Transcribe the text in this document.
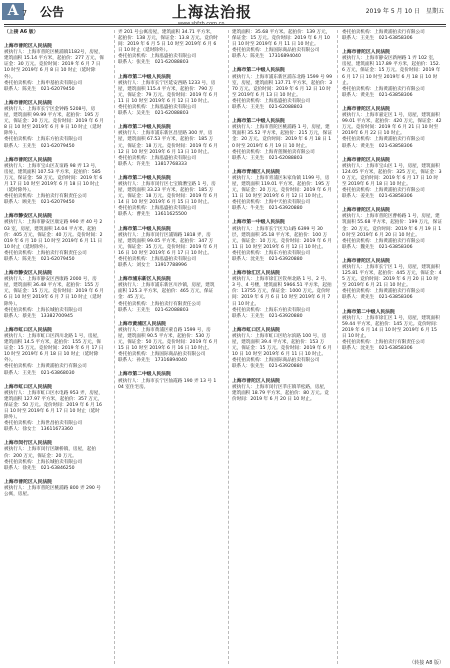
A 7 公告	上海法治报	2019 年 5 月 10 日　星期五
（上接 A6 版）
上海市普陀区人民法院
被执行人：上海市普陀区桃浦镇1182号，房屋，建筑面积 15.14 平方米，起拍价：277 万元，保证金：30 万元。竞价时间：2019 年 6 月 7 日 10 时至 2019年 6 月 8 日 10 时止（延时除外）。
委托拍卖机构：上海申基拍卖有限公司
联系人：陈先生　021-62079450
上海市普陀区人民法院
被执行人：上海市长宁区金钟路 5208号，房屋，建筑面积 99.99 平方米，起拍价：195 万元，保证金：20 万元。竞价时间：2019 年 6 月 8 日 10 时至 2019年 6 月 9 日 10 时止（延时除外）。
委托拍卖机构：上海东方拍卖有限公司
联系人：王先生　021-62079450
上海市普陀区人民法院
被执行人：上海市宝山区友谊路 98 弄 13 号，房屋，建筑面积 107.53 平方米，起拍价：585 万元，保证金：58 万元。竞价时间：2019 年 6 月 17 日 10 时至 2019年 6 月 18 日 10 时止（延时除外）。
委托拍卖机构：上海拍卖行有限责任公司
联系人：顾先生　021-62079450
上海市静安区人民法院
被执行人：上海市静安区康定路 990 弄 40 号 203 室，房屋，建筑面积 14.04 平方米，起拍价：405 万元，保证金：40 万元。竞价时间：2019 年 6 月 10 日 10 时至 2019年 6 月 11 日 10 时止（延时除外）。
委托拍卖机构：上海拍卖行有限责任公司
联系人：陈先生　021-62079450
上海市静安区人民法院
被执行人：上海市静安区西康路 2000 号，房屋，建筑面积 36.48 平方米，起拍价：155 万元，保证金：15 万元。竞价时间：2019 年 6 月 6 日 10 时至 2019年 6 月 7 日 10 时止（延时除外）。
委托拍卖机构：上海长城拍卖有限公司
联系人：蔡先生　13382700945
上海市虹口区人民法院
被执行人：上海市虹口区四川北路 1 号，房屋，建筑面积 14.5 平方米，起拍价：155 万元，保证金：15 万元。竞价时间：2019 年 6 月 17 日 10 时至 2019年 6 月 18 日 10 时止（延时除外）。
委托拍卖机构：上海黄浦拍卖行有限公司
联系人：王先生　021-63868030
上海市虹口区人民法院
被执行人：上海市虹口区水电路 953 弄，房屋，建筑面积 127.97 平方米，起拍价：357 万元，保证金：50 万元。竞价时间：2019 年 6 月 16 日 10 时至 2019年 6 月 17 日 10 时止（延时除外）。
委托拍卖机构：上海世昌拍卖有限公司
联系人：徐女士　13611673360
上海市闵行区人民法院
被执行人：上海市闵行区颛桥镇，房屋，起拍价：200 万元，保证金：20 万元。
委托拍卖机构：上海长城拍卖有限公司
联系人：徐先生　021-63846250
上海市普陀区人民法院
被执行人：上海市普陀区桃浦路 800 弄 290 号公寓，房屋。
弄 201 号公寓房屋，建筑面积 34.71 平方米，起拍价：138 万元，保证金：13.8 万元。竞价时间：2019 年 6 月 5 日 10 时至 2019年 6 月 6 日 10 时止（延时除外）。
委托拍卖机构：上海泓盛拍卖有限公司
联系人：张先生　021-62088803
上海市第二中级人民法院
被执行人：上海市长宁区延安西路 1233 号，房屋，建筑面积 115.4 平方米，起拍价：790 万元，保证金：79 万元。竞价时间：2019 年 6 月 11 日 10 时至 2019年 6 月 12 日 10 时止。
委托拍卖机构：上海泓盛拍卖有限公司
联系人：吴先生　021-62088803
上海市第二中级人民法院
被执行人：上海市浦东新区昌里路 300 弄，房屋，建筑面积 67.53 平方米，起拍价：185 万元，保证金：18 万元。竞价时间：2019 年 6 月 12 日 10 时至 2019年 6 月 13 日 10 时止。
委托拍卖机构：上海泓盛拍卖有限公司
联系人：许先生　13817768333
上海市第二中级人民法院
被执行人：上海市闵行区七宝镇漕宝路 1 号，房屋，建筑面积 33.23 平方米，起拍价：185 万元，保证金：18 万元。竞价时间：2019 年 6 月 14 日 10 时至 2019年 6 月 15 日 10 时止。
委托拍卖机构：上海泓盛拍卖有限公司
联系人：曹先生　13611625500
上海市第二中级人民法院
被执行人：上海市闵行区浦锦路 1818 弄，房屋，建筑面积 99.05 平方米，起拍价：347 万元，保证金：35 万元。竞价时间：2019 年 6 月 16 日 10 时至 2019年 6 月 17 日 10 时止。
委托拍卖机构：上海泓盛拍卖有限公司
联系人：刘女士　13917788996
上海市浦东新区人民法院
被执行人：上海市浦东新区川沙镇，房屋，建筑面积 125.3 平方米，起拍价：465 万元，保证金：45 万元。
委托拍卖机构：上海拍卖行有限责任公司
联系人：王先生　021-62088803
上海市黄浦区人民法院
被执行人：上海市黄浦区蒙自路 1599 号，房屋，建筑面积 90.5 平方米，起拍价：530 万元，保证金：50 万元。竞价时间：2019 年 6 月 15 日 10 时至 2019年 6 月 16 日 10 时止。
委托拍卖机构：上海国际商品拍卖有限公司
联系人：孙先生　17316894040
上海市第二中级人民法院
被执行人：上海市长宁区仙霞路 190 弄 13 号 104 室住宅房。
建筑面积：35.68 平方米。起拍价：139 万元，保证金：15 万元。竞价时间：2019 年 6 月 10 日 10 时至 2019年 6 月 11 日 10 时止。
委托拍卖机构：上海国际商品拍卖有限公司
联系人：陈先生　17316894040
上海市第二中级人民法院
被执行人：上海市浦东新区浦东北路 1599 号 99 室，房屋，建筑面积 137.71 平方米，起拍价：370 万元。竞价时间：2019 年 6 月 12 日 10 时至 2019年 6 月 13 日 10 时止。
委托拍卖机构：上海泓盛拍卖有限公司
联系人：王先生　021-62088803
上海市第二中级人民法院
被执行人：上海市普陀区桃浦路 1 号，房屋，建筑面积 35.52 平方米，起拍价：215 万元，保证金：20 万元。竞价时间：2019 年 6 月 18 日 10 时至 2019年 6 月 19 日 10 时止。
委托拍卖机构：上海青莲阁拍卖有限公司
联系人：王先生　021-62088803
上海市青浦区人民法院
被执行人：上海市青浦区朱家角镇 1199 号，房屋，建筑面积 119.01 平方米，起拍价：195 万元，保证金：20 万元。竞价时间：2019 年 6 月 11 日 10 时至 2019年 6 月 12 日 10 时止。
委托拍卖机构：上海中天拍卖有限公司
联系人：牛先生　021-63920880
上海市第一中级人民法院
被执行人：上海市长宁区天山路 6399 号 30 层，建筑面积 35.18 平方米，起拍价：100 万元，保证金：10 万元。竞价时间：2019 年 6 月 11 日 10 时至 2019年 6 月 12 日 10 时止。
委托拍卖机构：上海东方拍卖有限公司
联系人：沈先生　021-63920880
上海市徐汇区人民法院
被执行人：上海市徐汇区钦州北路 1 号、2 号、3 号、4 号楼，建筑面积 5966.51 平方米，起拍价：13755 万元，保证金：1000 万元。竞价时间：2019 年 6 月 6 日 10 时至 2019年 6 月 7 日 10 时止。
委托拍卖机构：上海东方拍卖有限公司
联系人：王先生　021-63920880
上海市虹口区人民法院
被执行人：上海市虹口区哈尔滨路 100 号，房屋，建筑面积 39.4 平方米，起拍价：153 万元，保证金：15 万元。竞价时间：2019 年 6 月 10 日 10 时至 2019年 6 月 11 日 10 时止。
委托拍卖机构：上海国际商品拍卖有限公司
联系人：张先生　021-63920880
上海市普陀区人民法院
被执行人：上海市闵行区莘庄镇莘松路，房屋，建筑面积 18.79 平方米，起拍价：80 万元。竞价时间：2019 年 6 月 20 日 10 时止。
委托拍卖机构：上海黄浦拍卖行有限公司
联系人：王先生　021-63858306
上海市普陀区人民法院
被执行人：上海市静安区新闸路 1 弄 102 室，房屋，建筑面积 117.89 平方米，起拍价：152.6 万元，保证金：15 万元。竞价时间：2019 年 6 月 17 日 10 时至 2019年 6 月 18 日 10 时止。
委托拍卖机构：上海黄浦拍卖行有限公司
联系人：黄先生　021-63858306
上海市普陀区人民法院
被执行人：上海市嘉定区 1 号，房屋，建筑面积 99.01 平方米，起拍价：420 万元，保证金：42 万元。竞价时间：2019 年 6 月 21 日 10 时至 2019年 6 月 22 日 10 时止。
委托拍卖机构：上海黄浦拍卖行有限公司
联系人：黄先生　021-63858306
上海市普陀区人民法院
被执行人：上海市宝山区 1 号，房屋，建筑面积 124.05 平方米，起拍价：325 万元，保证金：30 万元。竞价时间：2019 年 6 月 17 日 10 时至 2019年 6 月 18 日 10 时止。
委托拍卖机构：上海黄浦拍卖行有限公司
联系人：姜先生　021-63858306
上海市普陀区人民法院
被执行人：上海市普陀区曹杨路 1 号，房屋，建筑面积 55.68 平方米，起拍价：199 万元，保证金：20 万元。竞价时间：2019 年 6 月 19 日 10 时至 2019年 6 月 20 日 10 时止。
委托拍卖机构：上海黄浦拍卖行有限公司
联系人：魏先生　021-63858306
上海市普陀区人民法院
被执行人：上海市长宁区 1 号，房屋，建筑面积 125.81 平方米，起拍价：445 万元，保证金：45 万元。竞价时间：2019 年 6 月 20 日 10 时至 2019年 6 月 21 日 10 时止。
委托拍卖机构：上海黄浦拍卖行有限公司
联系人：黄先生　021-63858306
上海市第二中级人民法院
被执行人：上海市徐汇区 1 号，房屋，建筑面积 59.44 平方米，起拍价：145 万元。竞价时间：2019 年 6 月 14 日 10 时至 2019年 6 月 15 日 10 时止。
委托拍卖机构：上海拍卖行有限责任公司
联系人：沈先生　021-63858306
（转接 A8 版）
